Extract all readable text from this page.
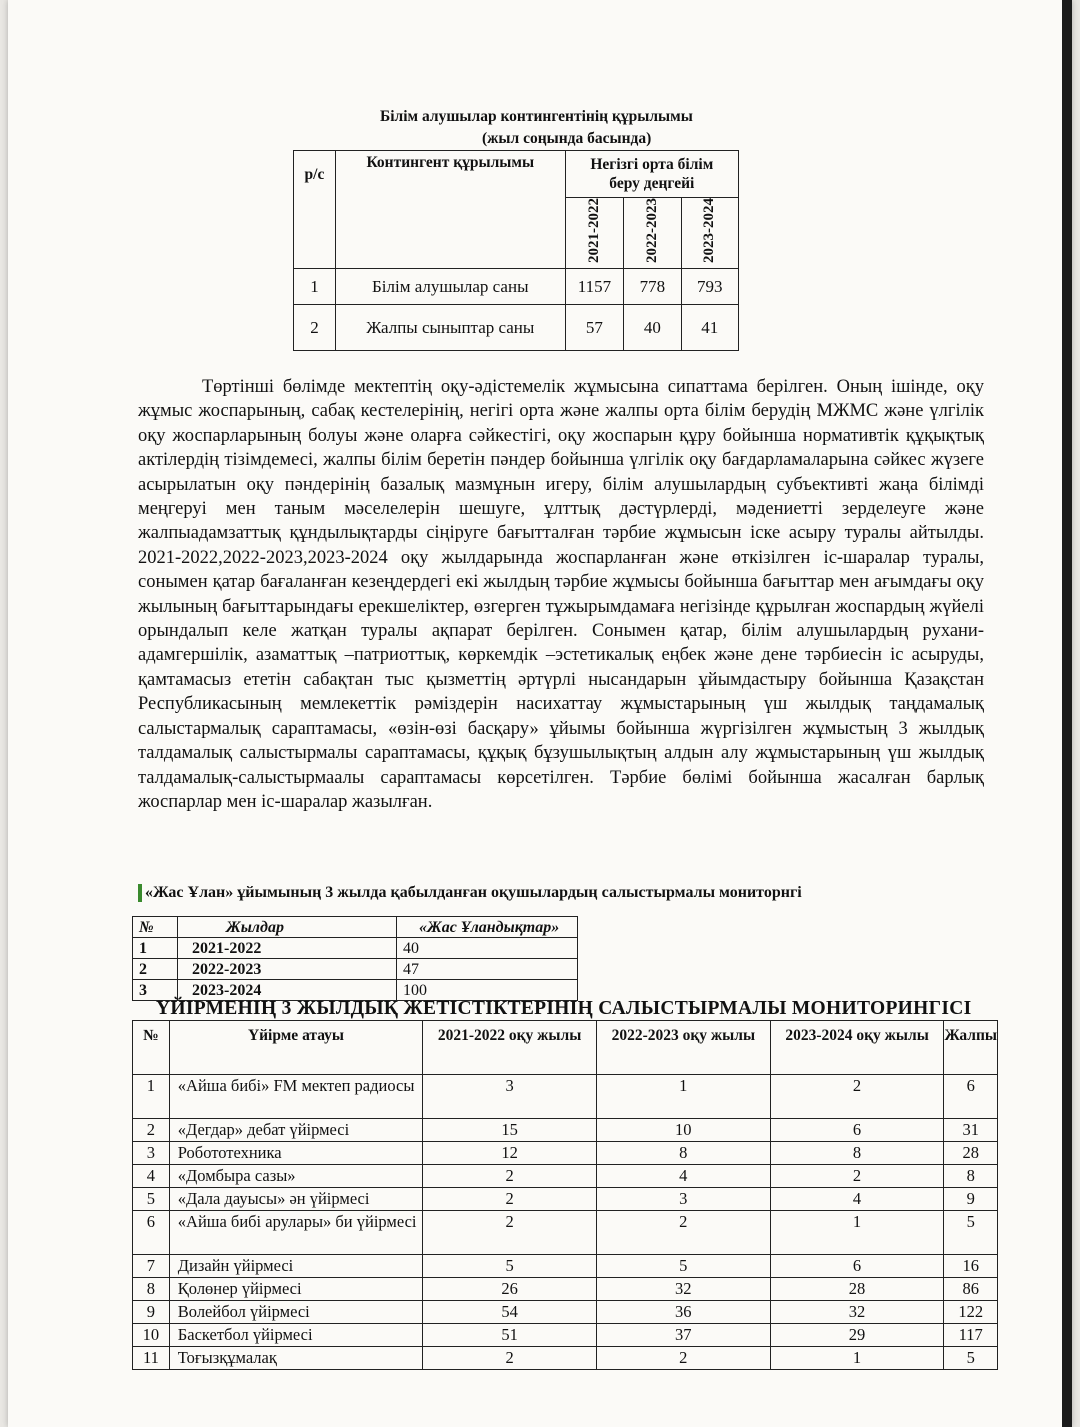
Білім алушылар контингентінің құрылымы
(жыл соңында басында)
р/с	Контингент құрылымы	Негізгі орта білім беру деңгейі		
		2021-2022	2022-2023	2023-2024
1	Білім алушылар саны	1157	778	793
2	Жалпы сыныптар саны	57	40	41
Төртінші бөлімде мектептің оқу-әдістемелік жұмысына сипаттама берілген. Оның ішінде, оқу жұмыс жоспарының, сабақ кестелерінің, негігі орта және жалпы орта білім берудің МЖМС және үлгілік оқу жоспарларының болуы және оларға сәйкестігі, оқу жоспарын құру бойынша нормативтік құқықтық актілердің тізімдемесі, жалпы білім беретін пәндер бойынша үлгілік оқу бағдарламаларына сәйкес жүзеге асырылатын оқу пәндерінің базалық мазмұнын игеру, білім алушылардың субъективті жаңа білімді меңгеруі мен таным мәселелерін шешуге, ұлттық дәстүрлерді, мәдениетті зерделеуге және жалпыадамзаттық құндылықтарды сіңіруге бағытталған тәрбие жұмысын іске асыру туралы айтылды. 2021-2022,2022-2023,2023-2024 оқу жылдарында жоспарланған және өткізілген іс-шаралар туралы, сонымен қатар бағаланған кезеңдердегі екі жылдың тәрбие жұмысы бойынша бағыттар мен ағымдағы оқу жылының бағыттарындағы ерекшеліктер, өзгерген тұжырымдамаға негізінде құрылған жоспардың жүйелі орындалып келе жатқан туралы ақпарат берілген. Сонымен қатар, білім алушылардың рухани-адамгершілік, азаматтық –патриоттық, көркемдік –эстетикалық еңбек және дене тәрбиесін іс асыруды, қамтамасыз ететін сабақтан тыс қызметтің әртүрлі нысандарын ұйымдастыру бойынша Қазақстан Республикасының мемлекеттік рәміздерін насихаттау жұмыстарының үш жылдық таңдамалық салыстармалық сараптамасы, «өзін-өзі басқару» ұйымы бойынша жүргізілген жұмыстың 3 жылдық талдамалық салыстырмалы сараптамасы, құқық бұзушылықтың алдын алу жұмыстарының үш жылдық талдамалық-салыстырмаалы сараптамасы көрсетілген. Тәрбие бөлімі бойынша жасалған барлық жоспарлар мен іс-шаралар жазылған.
«Жас Ұлан» ұйымының 3 жылда қабылданған оқушылардың салыстырмалы мониторнгі
№	Жылдар	«Жас Ұландықтар»
1	2021-2022	40
2	2022-2023	47
3	2023-2024	100
ҮЙІРМЕНІҢ 3 ЖЫЛДЫҚ ЖЕТІСТІКТЕРІНІҢ САЛЫСТЫРМАЛЫ МОНИТОРИНГІСІ
№	Үйірме атауы	2021-2022 оқу жылы	2022-2023 оқу жылы	2023-2024 оқу жылы	Жалпы
1	«Айша бибі» FM мектеп радиосы	3	1	2	6
2	«Дегдар» дебат үйірмесі	15	10	6	31
3	Робототехника	12	8	8	28
4	«Домбыра сазы»	2	4	2	8
5	«Дала дауысы» ән үйірмесі	2	3	4	9
6	«Айша бибі арулары» би үйірмесі	2	2	1	5
7	Дизайн үйірмесі	5	5	6	16
8	Қолөнер үйірмесі	26	32	28	86
9	Волейбол үйірмесі	54	36	32	122
10	Баскетбол үйірмесі	51	37	29	117
11	Тоғызқұмалақ	2	2	1	5
